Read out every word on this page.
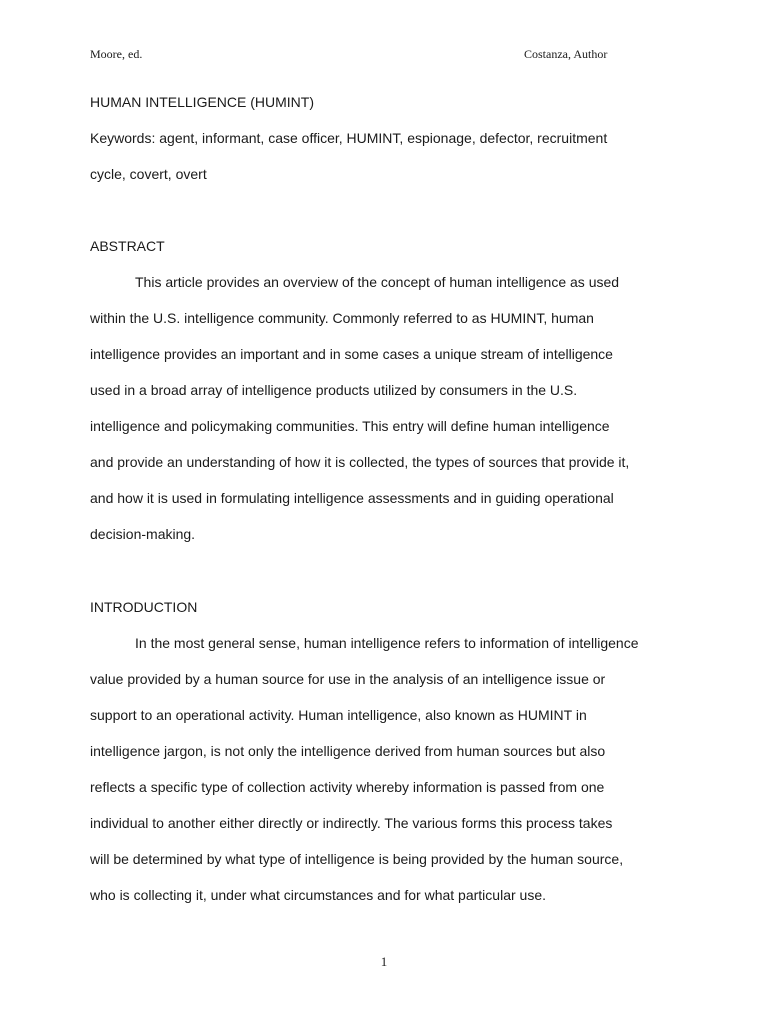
Moore, ed.	Costanza, Author
HUMAN INTELLIGENCE (HUMINT)
Keywords: agent, informant, case officer, HUMINT, espionage, defector, recruitment
cycle, covert, overt
ABSTRACT
This article provides an overview of the concept of human intelligence as used
within the U.S. intelligence community. Commonly referred to as HUMINT, human
intelligence provides an important and in some cases a unique stream of intelligence
used in a broad array of intelligence products utilized by consumers in the U.S.
intelligence and policymaking communities. This entry will define human intelligence
and provide an understanding of how it is collected, the types of sources that provide it,
and how it is used in formulating intelligence assessments and in guiding operational
decision-making.
INTRODUCTION
In the most general sense, human intelligence refers to information of intelligence
value provided by a human source for use in the analysis of an intelligence issue or
support to an operational activity. Human intelligence, also known as HUMINT in
intelligence jargon, is not only the intelligence derived from human sources but also
reflects a specific type of collection activity whereby information is passed from one
individual to another either directly or indirectly. The various forms this process takes
will be determined by what type of intelligence is being provided by the human source,
who is collecting it, under what circumstances and for what particular use.
1
